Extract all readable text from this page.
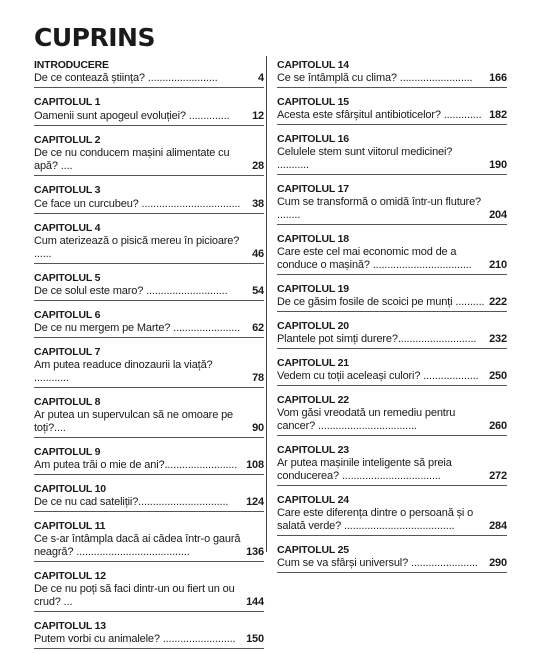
CUPRINS
INTRODUCERE
De ce contează știința? ........................	4
CAPITOLUL 1
Oamenii sunt apogeul evoluției? ..............	12
CAPITOLUL 2
De ce nu conducem mașini alimentate cu apă? ....	28
CAPITOLUL 3
Ce face un curcubeu? ..................................	38
CAPITOLUL 4
Cum aterizează o pisică mereu în picioare? ......	46
CAPITOLUL 5
De ce solul este maro? ............................	54
CAPITOLUL 6
De ce nu mergem pe Marte? .......................	62
CAPITOLUL 7
Am putea readuce dinozaurii la viață? ............	78
CAPITOLUL 8
Ar putea un supervulcan să ne omoare pe toți?....	90
CAPITOLUL 9
Am putea trăi o mie de ani?......................... 108
CAPITOLUL 10
De ce nu cad sateliții?...............................	124
CAPITOLUL 11
Ce s-ar întâmpla dacă ai cădea într-o gaură neagră? .......................................	136
CAPITOLUL 12
De ce nu poți să faci dintr-un ou fiert un ou crud? ...	144
CAPITOLUL 13
Putem vorbi cu animalele? ......................... 150
CAPITOLUL 14
Ce se întâmplă cu clima? .........................	166
CAPITOLUL 15
Acesta este sfârșitul antibioticelor? ............. 182
CAPITOLUL 16
Celulele stem sunt viitorul medicinei? ...........	190
CAPITOLUL 17
Cum se transformă o omidă într-un fluture? ........	204
CAPITOLUL 18
Care este cel mai economic mod de a conduce o mașină? ..................................	210
CAPITOLUL 19
De ce găsim fosile de scoici pe munți .......... 222
CAPITOLUL 20
Plantele pot simți durere?...........................	232
CAPITOLUL 21
Vedem cu toții aceleași culori? ................... 250
CAPITOLUL 22
Vom găsi vreodată un remediu pentru cancer? ..................................	260
CAPITOLUL 23
Ar putea mașinile inteligente să preia conducerea? ..................................	272
CAPITOLUL 24
Care este diferența dintre o persoană și o salată verde? ......................................	284
CAPITOLUL 25
Cum se va sfârși universul? .......................	290
